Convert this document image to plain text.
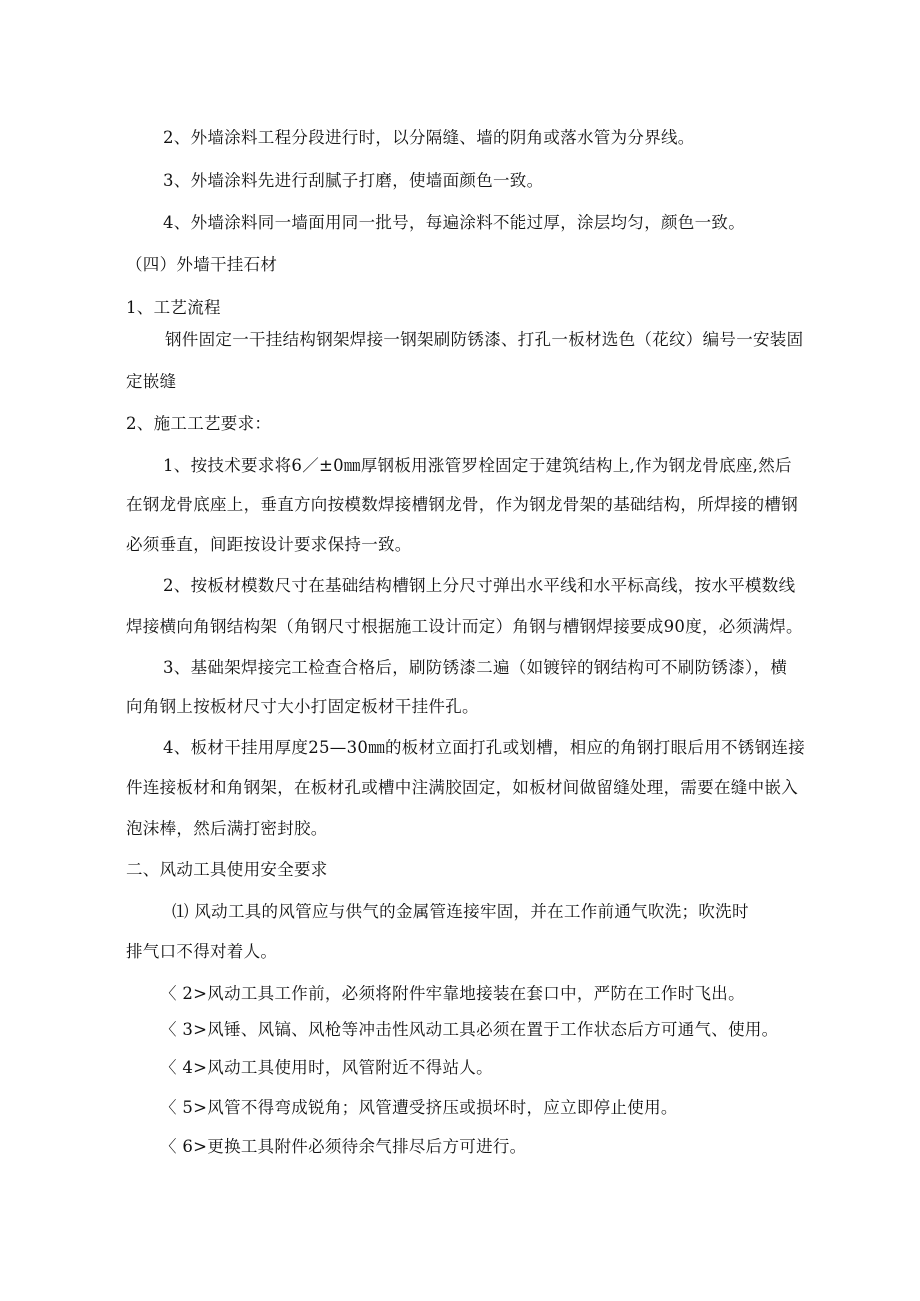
2、外墙涂料工程分段进行时，以分隔缝、墙的阴角或落水管为分界线。
3、外墙涂料先进行刮腻子打磨，使墙面颜色一致。
4、外墙涂料同一墙面用同一批号，每遍涂料不能过厚，涂层均匀，颜色一致。
（四）外墙干挂石材
1、工艺流程
钢件固定一干挂结构钢架焊接一钢架刷防锈漆、打孔一板材选色（花纹）编号一安装固
定嵌缝
2、施工工艺要求：
1、按技术要求将6／±0㎜厚钢板用涨管罗栓固定于建筑结构上,作为钢龙骨底座,然后
在钢龙骨底座上，垂直方向按模数焊接槽钢龙骨，作为钢龙骨架的基础结构，所焊接的槽钢
必须垂直，间距按设计要求保持一致。
2、按板材模数尺寸在基础结构槽钢上分尺寸弹出水平线和水平标高线，按水平模数线
焊接横向角钢结构架（角钢尺寸根据施工设计而定）角钢与槽钢焊接要成90度，必须满焊。
3、基础架焊接完工检查合格后，刷防锈漆二遍（如镀锌的钢结构可不刷防锈漆），横
向角钢上按板材尺寸大小打固定板材干挂件孔。
4、板材干挂用厚度25—30㎜的板材立面打孔或划槽，相应的角钢打眼后用不锈钢连接
件连接板材和角钢架，在板材孔或槽中注满胶固定，如板材间做留缝处理，需要在缝中嵌入
泡沫棒，然后满打密封胶。
二、风动工具使用安全要求
⑴ 风动工具的风管应与供气的金属管连接牢固，并在工作前通气吹洗；吹洗时
排气口不得对着人。
〈 2>风动工具工作前，必须将附件牢靠地接装在套口中，严防在工作时飞出。
〈 3>风锤、风镐、风枪等冲击性风动工具必须在置于工作状态后方可通气、使用。
〈 4>风动工具使用时，风管附近不得站人。
〈 5>风管不得弯成锐角；风管遭受挤压或损坏时，应立即停止使用。
〈 6>更换工具附件必须待余气排尽后方可进行。
